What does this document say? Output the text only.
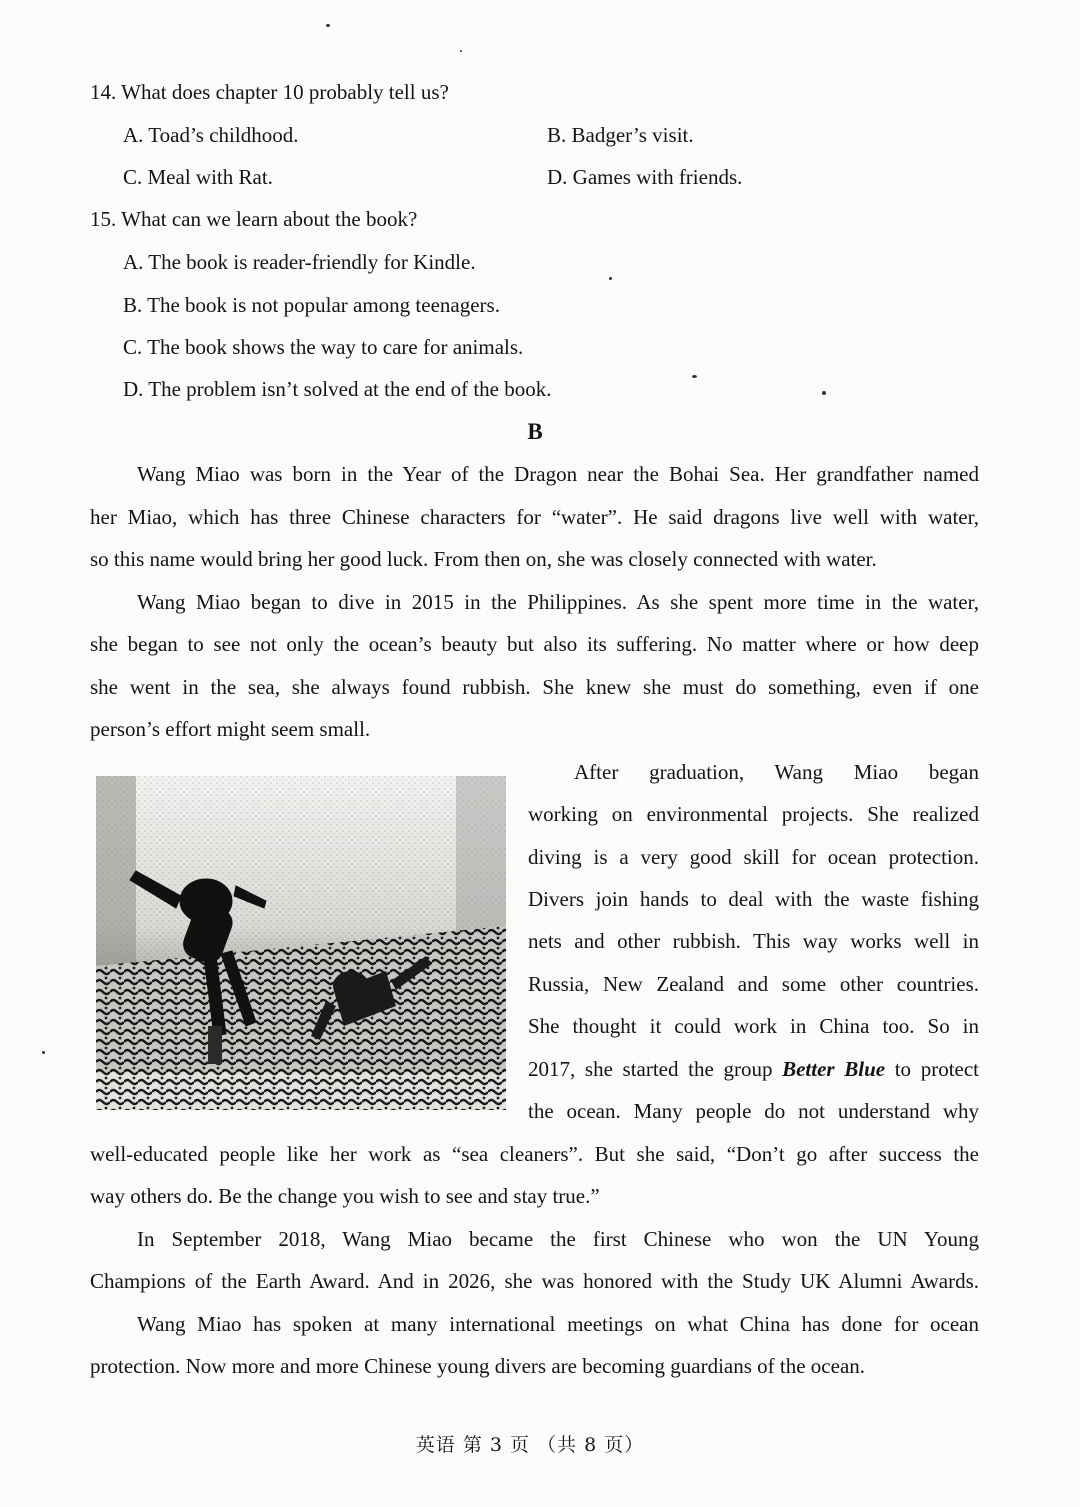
14. What does chapter 10 probably tell us?
A. Toad’s childhood.	B. Badger’s visit.
C. Meal with Rat.	D. Games with friends.
15. What can we learn about the book?
A. The book is reader-friendly for Kindle.
B. The book is not popular among teenagers.
C. The book shows the way to care for animals.
D. The problem isn’t solved at the end of the book.
B
Wang Miao was born in the Year of the Dragon near the Bohai Sea. Her grandfather named
her Miao, which has three Chinese characters for “water”. He said dragons live well with water,
so this name would bring her good luck. From then on, she was closely connected with water.
Wang Miao began to dive in 2015 in the Philippines. As she spent more time in the water,
she began to see not only the ocean’s beauty but also its suffering. No matter where or how deep
she went in the sea, she always found rubbish. She knew she must do something, even if one
person’s effort might seem small.
After graduation, Wang Miao began
working on environmental projects. She realized
diving is a very good skill for ocean protection.
Divers join hands to deal with the waste fishing
nets and other rubbish. This way works well in
Russia, New Zealand and some other countries.
She thought it could work in China too. So in
2017, she started the group Better Blue to protect
the ocean. Many people do not understand why
well-educated people like her work as “sea cleaners”. But she said, “Don’t go after success the
way others do. Be the change you wish to see and stay true.”
In September 2018, Wang Miao became the first Chinese who won the UN Young
Champions of the Earth Award. And in 2026, she was honored with the Study UK Alumni Awards.
Wang Miao has spoken at many international meetings on what China has done for ocean
protection. Now more and more Chinese young divers are becoming guardians of the ocean.
英语 第 3 页 （共 8 页）
